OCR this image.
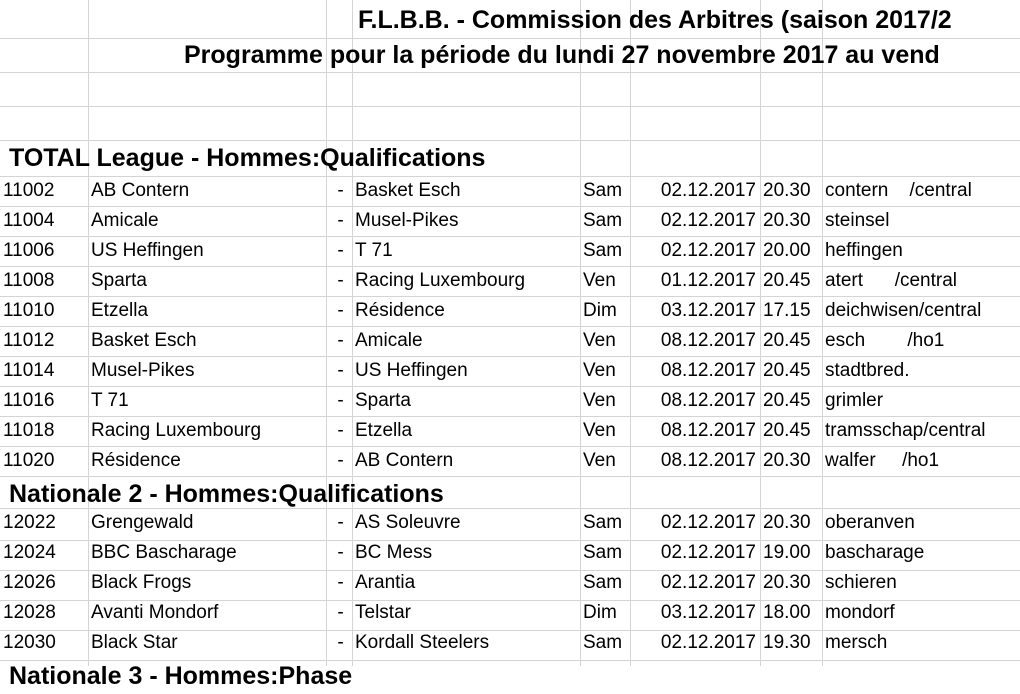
F.L.B.B. - Commission des Arbitres (saison 2017/2
Programme pour la période du lundi 27 novembre 2017 au vend
TOTAL League - Hommes:Qualifications
11002	AB Contern	- Basket Esch	Sam	02.12.2017 20.30 contern    /central
11004	Amicale	- Musel-Pikes	Sam	02.12.2017 20.30 steinsel
11006	US Heffingen	- T 71	Sam	02.12.2017 20.00 heffingen
11008	Sparta	- Racing Luxembourg	Ven	01.12.2017 20.45 atert      /central
11010	Etzella	- Résidence	Dim	03.12.2017 17.15 deichwisen/central
11012	Basket Esch	- Amicale	Ven	08.12.2017 20.45 esch        /ho1
11014	Musel-Pikes	- US Heffingen	Ven	08.12.2017 20.45 stadtbred.
11016	T 71	- Sparta	Ven	08.12.2017 20.45 grimler
11018	Racing Luxembourg	- Etzella	Ven	08.12.2017 20.45 tramsschap/central
11020	Résidence	- AB Contern	Ven	08.12.2017 20.30 walfer     /ho1
Nationale 2 - Hommes:Qualifications
12022	Grengewald	- AS Soleuvre	Sam	02.12.2017 20.30 oberanven
12024	BBC Bascharage	- BC Mess	Sam	02.12.2017 19.00 bascharage
12026	Black Frogs	- Arantia	Sam	02.12.2017 20.30 schieren
12028	Avanti Mondorf	- Telstar	Dim	03.12.2017 18.00 mondorf
12030	Black Star	- Kordall Steelers	Sam	02.12.2017 19.30 mersch
Nationale 3 - Hommes:Phase
